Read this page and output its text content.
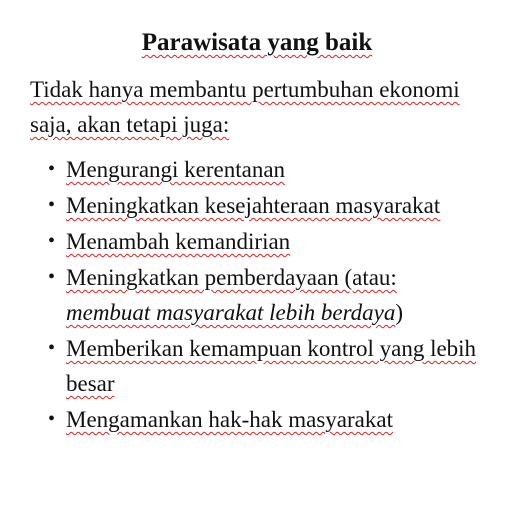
Parawisata yang baik
Tidak hanya membantu pertumbuhan ekonomi saja, akan tetapi juga:
• Mengurangi kerentanan
• Meningkatkan kesejahteraan masyarakat
• Menambah kemandirian
• Meningkatkan pemberdayaan (atau: membuat masyarakat lebih berdaya)
• Memberikan kemampuan kontrol yang lebih besar
• Mengamankan hak-hak masyarakat
